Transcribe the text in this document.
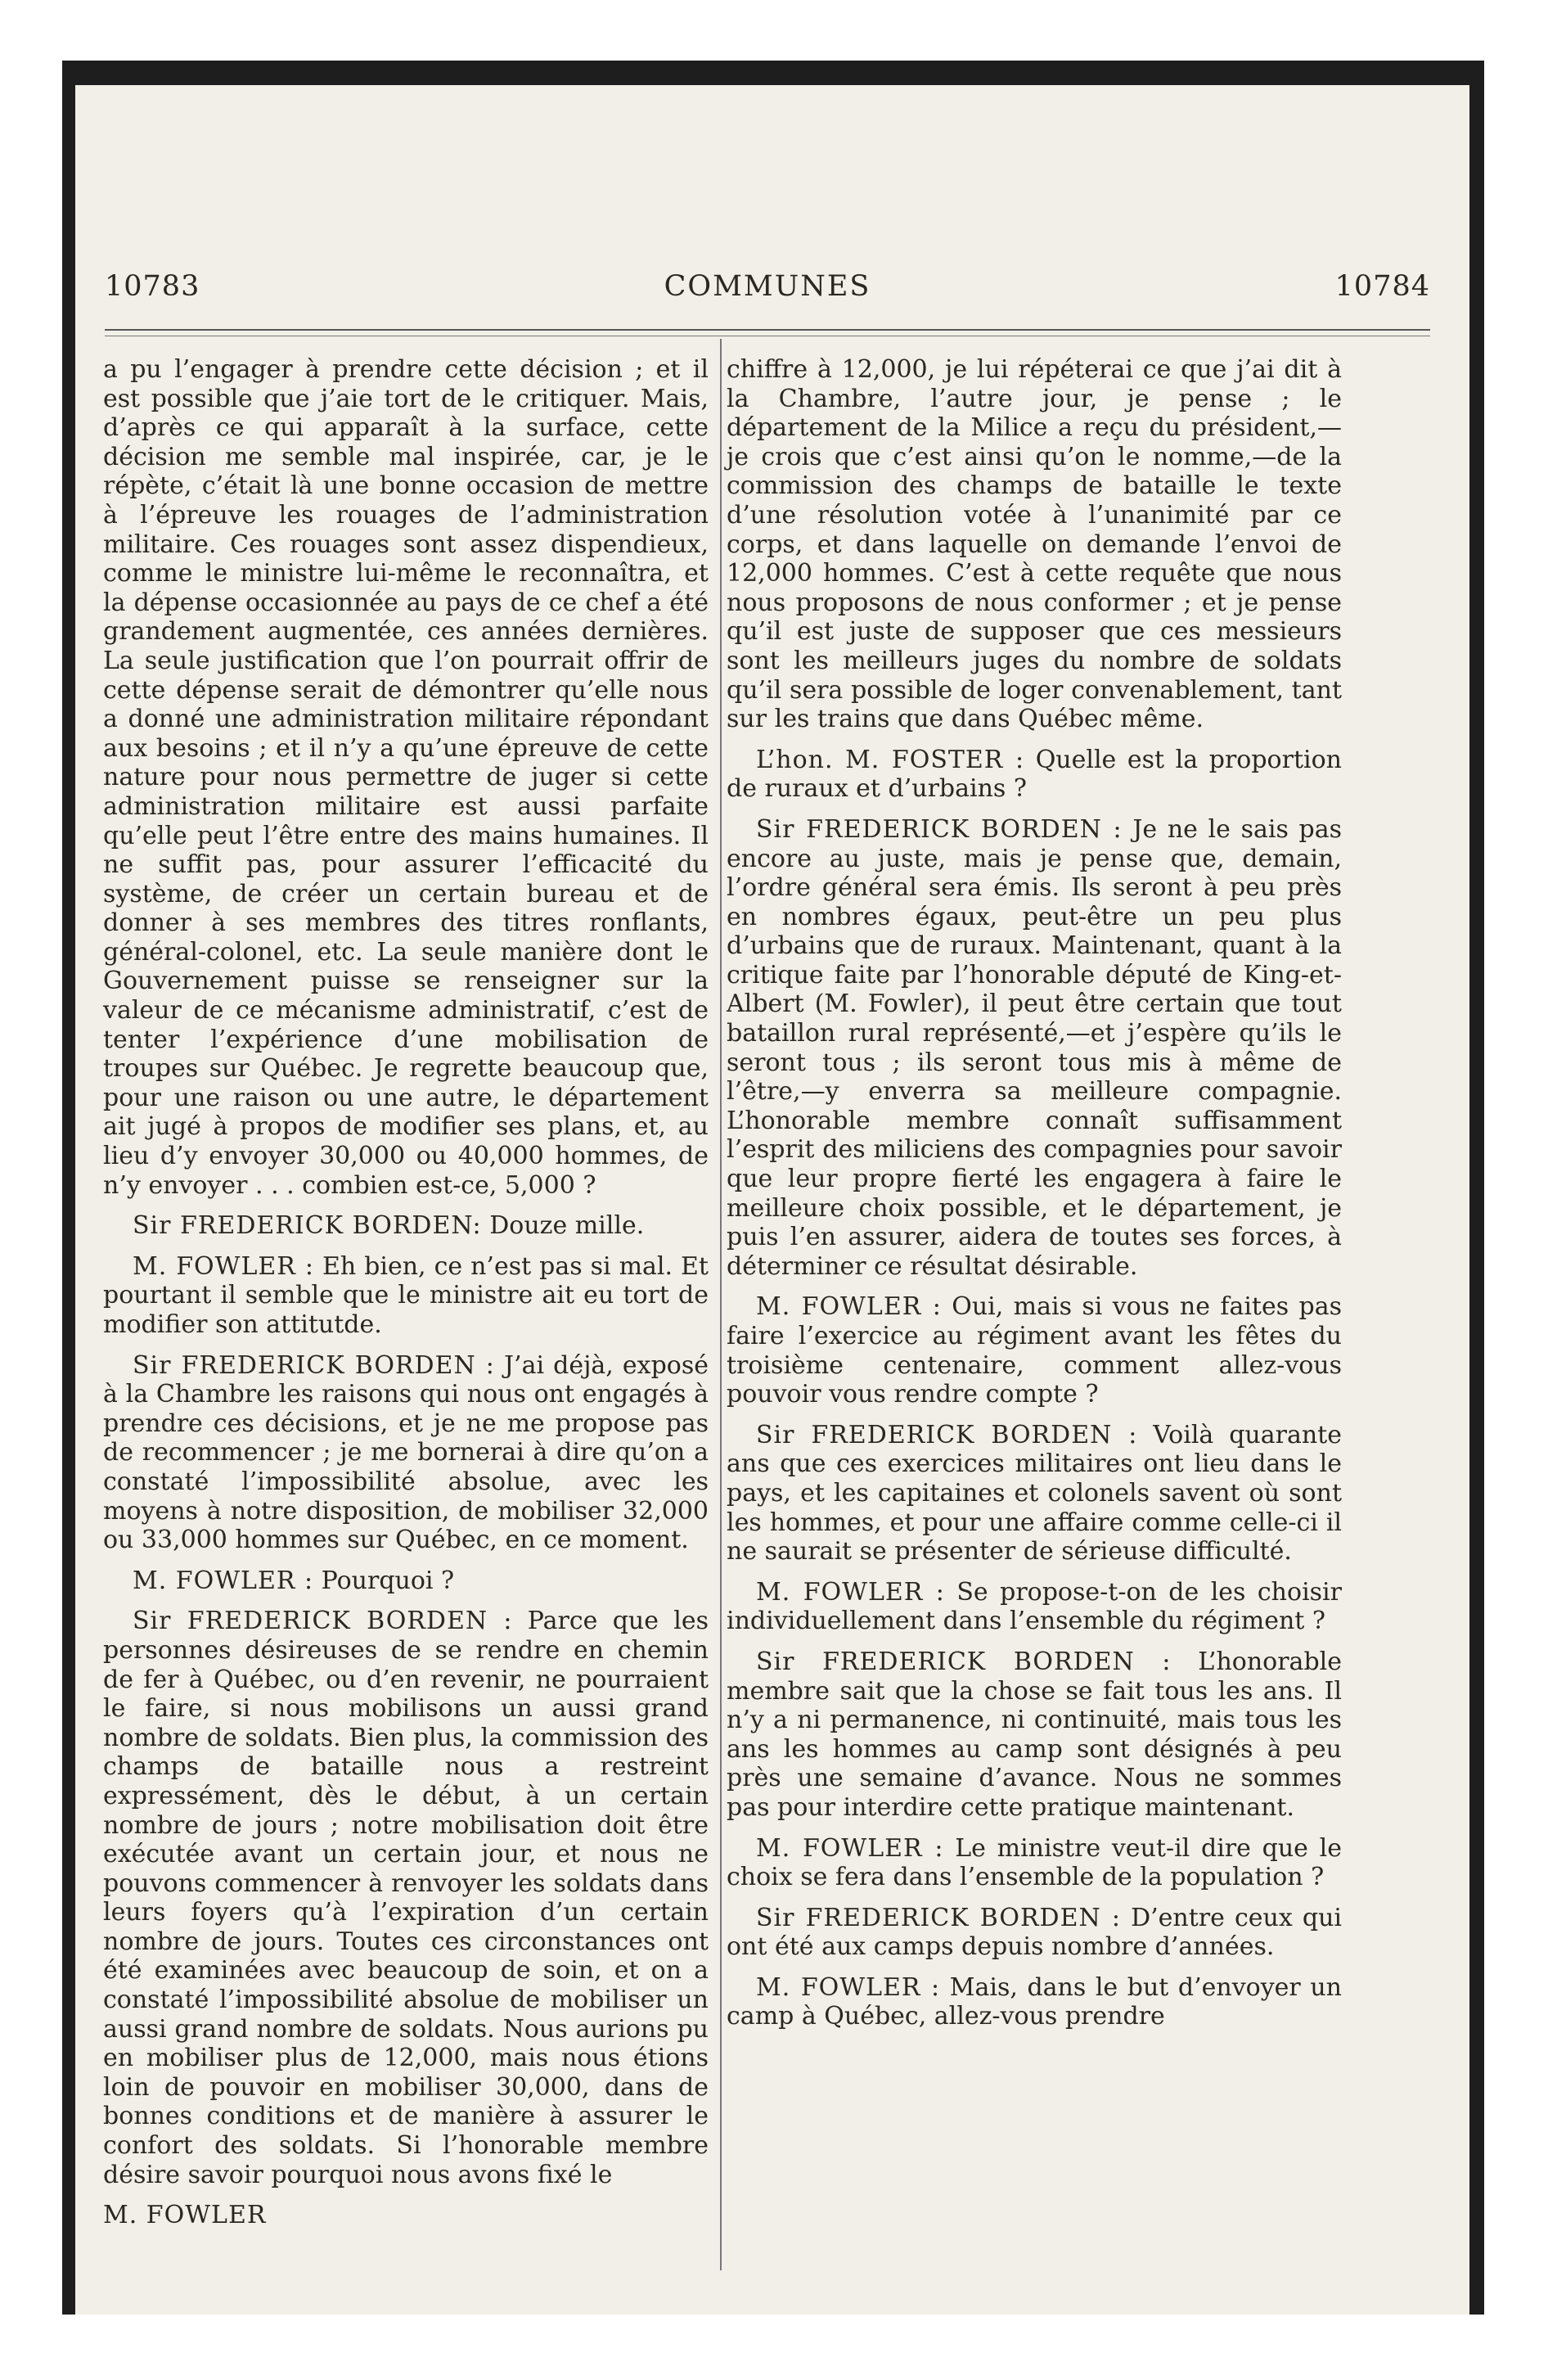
10783	COMMUNES	10784

a pu l’engager à prendre cette décision ; et il est possible que j’aie tort de le critiquer. Mais, d’après ce qui apparaît à la surface, cette décision me semble mal inspirée, car, je le répète, c’était là une bonne occasion de mettre à l’épreuve les rouages de l’administration militaire. Ces rouages sont assez dispendieux, comme le ministre lui-même le reconnaîtra, et la dépense occasionnée au pays de ce chef a été grandement augmentée, ces années dernières. La seule justification que l’on pourrait offrir de cette dépense serait de démontrer qu’elle nous a donné une administration militaire répondant aux besoins ; et il n’y a qu’une épreuve de cette nature pour nous permettre de juger si cette administration militaire est aussi parfaite qu’elle peut l’être entre des mains humaines. Il ne suffit pas, pour assurer l’efficacité du système, de créer un certain bureau et de donner à ses membres des titres ronflants, général-colonel, etc. La seule manière dont le Gouvernement puisse se renseigner sur la valeur de ce mécanisme administratif, c’est de tenter l’expérience d’une mobilisation de troupes sur Québec. Je regrette beaucoup que, pour une raison ou une autre, le département ait jugé à propos de modifier ses plans, et, au lieu d’y envoyer 30,000 ou 40,000 hommes, de n’y envoyer . . . combien est-ce, 5,000 ?

Sir FREDERICK BORDEN: Douze mille.

M. FOWLER : Eh bien, ce n’est pas si mal. Et pourtant il semble que le ministre ait eu tort de modifier son attitutde.

Sir FREDERICK BORDEN : J’ai déjà, exposé à la Chambre les raisons qui nous ont engagés à prendre ces décisions, et je ne me propose pas de recommencer ; je me bornerai à dire qu’on a constaté l’impossibilité absolue, avec les moyens à notre disposition, de mobiliser 32,000 ou 33,000 hommes sur Québec, en ce moment.

M. FOWLER : Pourquoi ?

Sir FREDERICK BORDEN : Parce que les personnes désireuses de se rendre en chemin de fer à Québec, ou d’en revenir, ne pourraient le faire, si nous mobilisons un aussi grand nombre de soldats. Bien plus, la commission des champs de bataille nous a restreint expressément, dès le début, à un certain nombre de jours ; notre mobilisation doit être exécutée avant un certain jour, et nous ne pouvons commencer à renvoyer les soldats dans leurs foyers qu’à l’expiration d’un certain nombre de jours. Toutes ces circonstances ont été examinées avec beaucoup de soin, et on a constaté l’impossibilité absolue de mobiliser un aussi grand nombre de soldats. Nous aurions pu en mobiliser plus de 12,000, mais nous étions loin de pouvoir en mobiliser 30,000, dans de bonnes conditions et de manière à assurer le confort des soldats. Si l’honorable membre désire savoir pourquoi nous avons fixé le

M. FOWLER

chiffre à 12,000, je lui répéterai ce que j’ai dit à la Chambre, l’autre jour, je pense ; le département de la Milice a reçu du président,—je crois que c’est ainsi qu’on le nomme,—de la commission des champs de bataille le texte d’une résolution votée à l’unanimité par ce corps, et dans laquelle on demande l’envoi de 12,000 hommes. C’est à cette requête que nous nous proposons de nous conformer ; et je pense qu’il est juste de supposer que ces messieurs sont les meilleurs juges du nombre de soldats qu’il sera possible de loger convenablement, tant sur les trains que dans Québec même.

L’hon. M. FOSTER : Quelle est la proportion de ruraux et d’urbains ?

Sir FREDERICK BORDEN : Je ne le sais pas encore au juste, mais je pense que, demain, l’ordre général sera émis. Ils seront à peu près en nombres égaux, peut-être un peu plus d’urbains que de ruraux. Maintenant, quant à la critique faite par l’honorable député de King-et-Albert (M. Fowler), il peut être certain que tout bataillon rural représenté,—et j’espère qu’ils le seront tous ; ils seront tous mis à même de l’être,—y enverra sa meilleure compagnie. L’honorable membre connaît suffisamment l’esprit des miliciens des compagnies pour savoir que leur propre fierté les engagera à faire le meilleure choix possible, et le département, je puis l’en assurer, aidera de toutes ses forces, à déterminer ce résultat désirable.

M. FOWLER : Oui, mais si vous ne faites pas faire l’exercice au régiment avant les fêtes du troisième centenaire, comment allez-vous pouvoir vous rendre compte ?

Sir FREDERICK BORDEN : Voilà quarante ans que ces exercices militaires ont lieu dans le pays, et les capitaines et colonels savent où sont les hommes, et pour une affaire comme celle-ci il ne saurait se présenter de sérieuse difficulté.

M. FOWLER : Se propose-t-on de les choisir individuellement dans l’ensemble du régiment ?

Sir FREDERICK BORDEN : L’honorable membre sait que la chose se fait tous les ans. Il n’y a ni permanence, ni continuité, mais tous les ans les hommes au camp sont désignés à peu près une semaine d’avance. Nous ne sommes pas pour interdire cette pratique maintenant.

M. FOWLER : Le ministre veut-il dire que le choix se fera dans l’ensemble de la population ?

Sir FREDERICK BORDEN : D’entre ceux qui ont été aux camps depuis nombre d’années.

M. FOWLER : Mais, dans le but d’envoyer un camp à Québec, allez-vous prendre
